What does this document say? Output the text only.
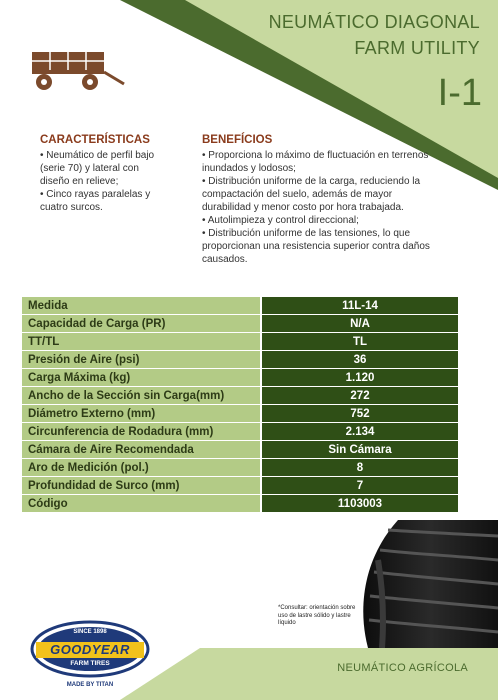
NEUMÁTICO DIAGONAL
FARM UTILITY
I-1
CARACTERÍSTICAS
• Neumático de perfil bajo (serie 70) y lateral con diseño en relieve;
• Cinco rayas paralelas y cuatro surcos.
BENEFÍCIOS
• Proporciona lo máximo de fluctuación en terrenos inundados y lodosos;
• Distribución uniforme de la carga, reduciendo la compactación del suelo, además de mayor durabilidad y menor costo por hora trabajada.
• Autolimpieza y control direccional;
• Distribución uniforme de las tensiones, lo que proporcionan una resistencia superior contra daños causados.
Medida		11L-14
Capacidad de Carga (PR)		N/A
TT/TL		TL
Presión de Aire (psi)		36
Carga Máxima (kg)		1.120
Ancho de la Sección sin Carga(mm)		272
Diámetro Externo (mm)		752
Circunferencia de Rodadura (mm)		2.134
Cámara de Aire Recomendada		Sin Cámara
Aro de Medición (pol.)		8
Profundidad de Surco (mm)		7
Código		1103003
*Consultar: orientación sobre uso de lastre sólido y lastre líquido
NEUMÁTICO AGRÍCOLA
SINCE 1898
GOODYEAR
FARM TIRES
MADE BY TITAN
